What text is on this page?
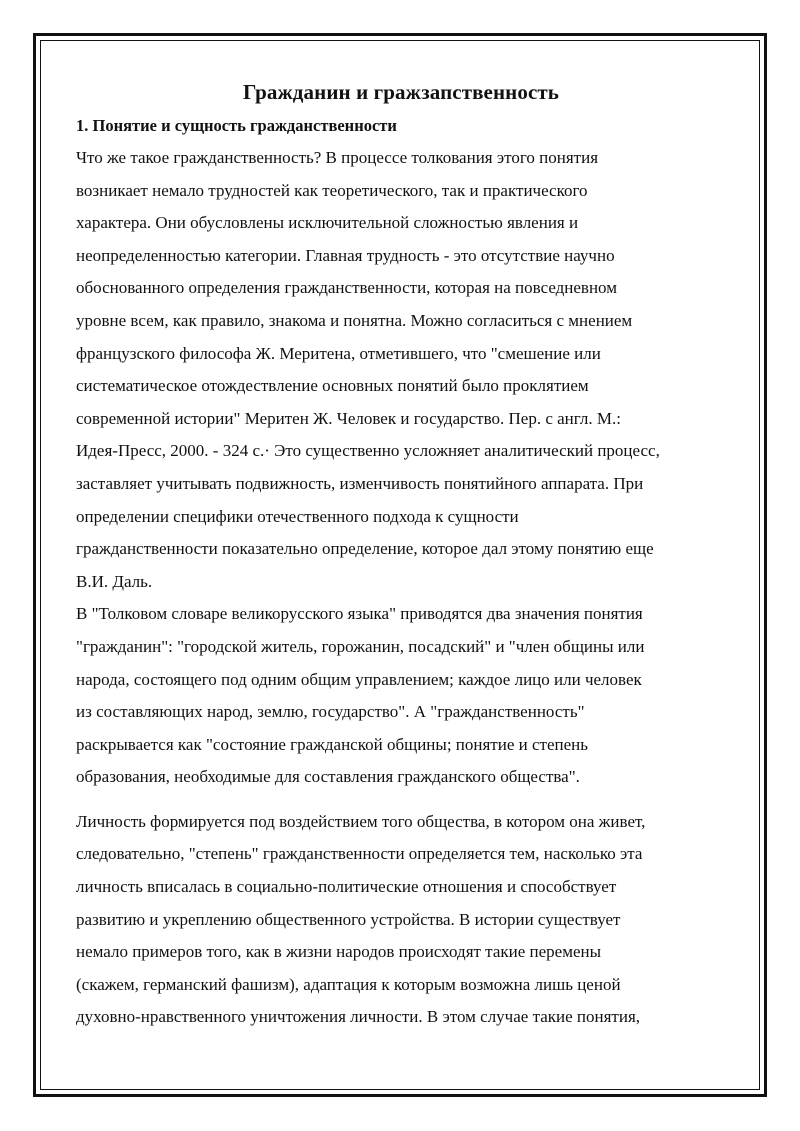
Гражданин и гражзапственность
1. Понятие и сущность гражданственности
Что же такое гражданственность? В процессе толкования этого понятия
возникает немало трудностей как теоретического, так и практического
характера. Они обусловлены исключительной сложностью явления и
неопределенностью категории. Главная трудность - это отсутствие научно
обоснованного определения гражданственности, которая на повседневном
уровне всем, как правило, знакома и понятна. Можно согласиться с мнением
французского философа Ж. Меритена, отметившего, что "смешение или
систематическое отождествление основных понятий было проклятием
современной истории" Меритен Ж. Человек и государство. Пер. с англ. М.:
Идея-Пресс, 2000. - 324 с.· Это существенно усложняет аналитический процесс,
заставляет учитывать подвижность, изменчивость понятийного аппарата. При
определении специфики отечественного подхода к сущности
гражданственности показательно определение, которое дал этому понятию еще
В.И. Даль.
В "Толковом словаре великорусского языка" приводятся два значения понятия
"гражданин": "городской житель, горожанин, посадский" и "член общины или
народа, состоящего под одним общим управлением; каждое лицо или человек
из составляющих народ, землю, государство". А "гражданственность"
раскрывается как "состояние гражданской общины; понятие и степень
образования, необходимые для составления гражданского общества".
Личность формируется под воздействием того общества, в котором она живет,
следовательно, "степень" гражданственности определяется тем, насколько эта
личность вписалась в социально-политические отношения и способствует
развитию и укреплению общественного устройства. В истории существует
немало примеров того, как в жизни народов происходят такие перемены
(скажем, германский фашизм), адаптация к которым возможна лишь ценой
духовно-нравственного уничтожения личности. В этом случае такие понятия,
